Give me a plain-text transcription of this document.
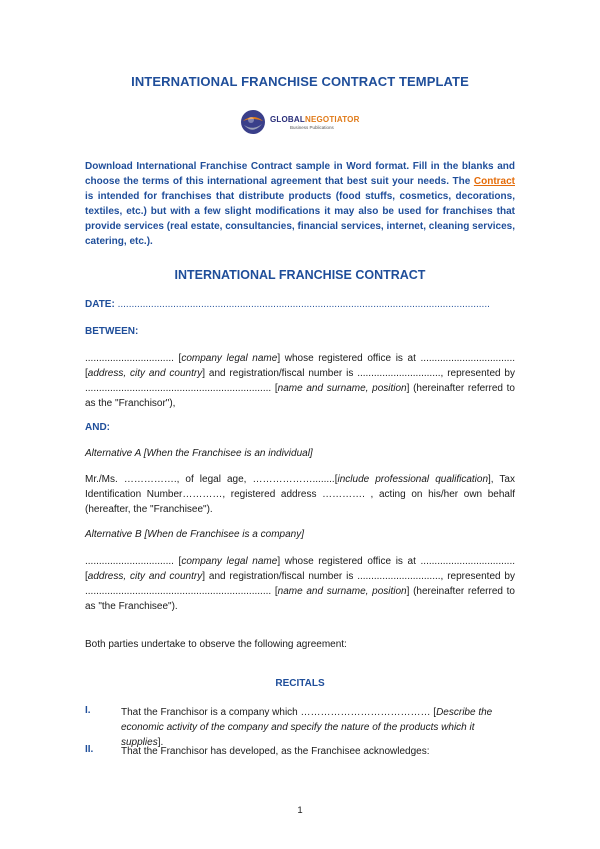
INTERNATIONAL FRANCHISE CONTRACT TEMPLATE
GLOBALNEGOTIATOR
Business Publications
Download International Franchise Contract sample in Word format. Fill in the blanks and choose the terms of this international agreement that best suit your needs. The Contract is intended for franchises that distribute products (food stuffs, cosmetics, decorations, textiles, etc.) but with a few slight modifications it may also be used for franchises that provide services (real estate, consultancies, financial services, internet, cleaning services, catering, etc.).
INTERNATIONAL FRANCHISE CONTRACT
DATE: ......................................................................................................................................
BETWEEN:
................................ [company legal name] whose registered office is at .................................. [address, city and country] and registration/fiscal number is .............................., represented by ................................................................... [name and surname, position] (hereinafter referred to as the "Franchisor"),
AND:
Alternative A [When the Franchisee is an individual]
Mr./Ms. ……………., of legal age, ………………........[include professional qualification], Tax Identification Number…………, registered address …………. , acting on his/her own behalf (hereafter, the "Franchisee").
Alternative B [When de Franchisee is a company]
................................ [company legal name] whose registered office is at .................................. [address, city and country] and registration/fiscal number is .............................., represented by ................................................................... [name and surname, position] (hereinafter referred to as "the Franchisee").
Both parties undertake to observe the following agreement:
RECITALS
I.	That the Franchisor is a company which ………………………………… [Describe the economic activity of the company and specify the nature of the products which it supplies].
II.	That the Franchisor has developed, as the Franchisee acknowledges:
1
